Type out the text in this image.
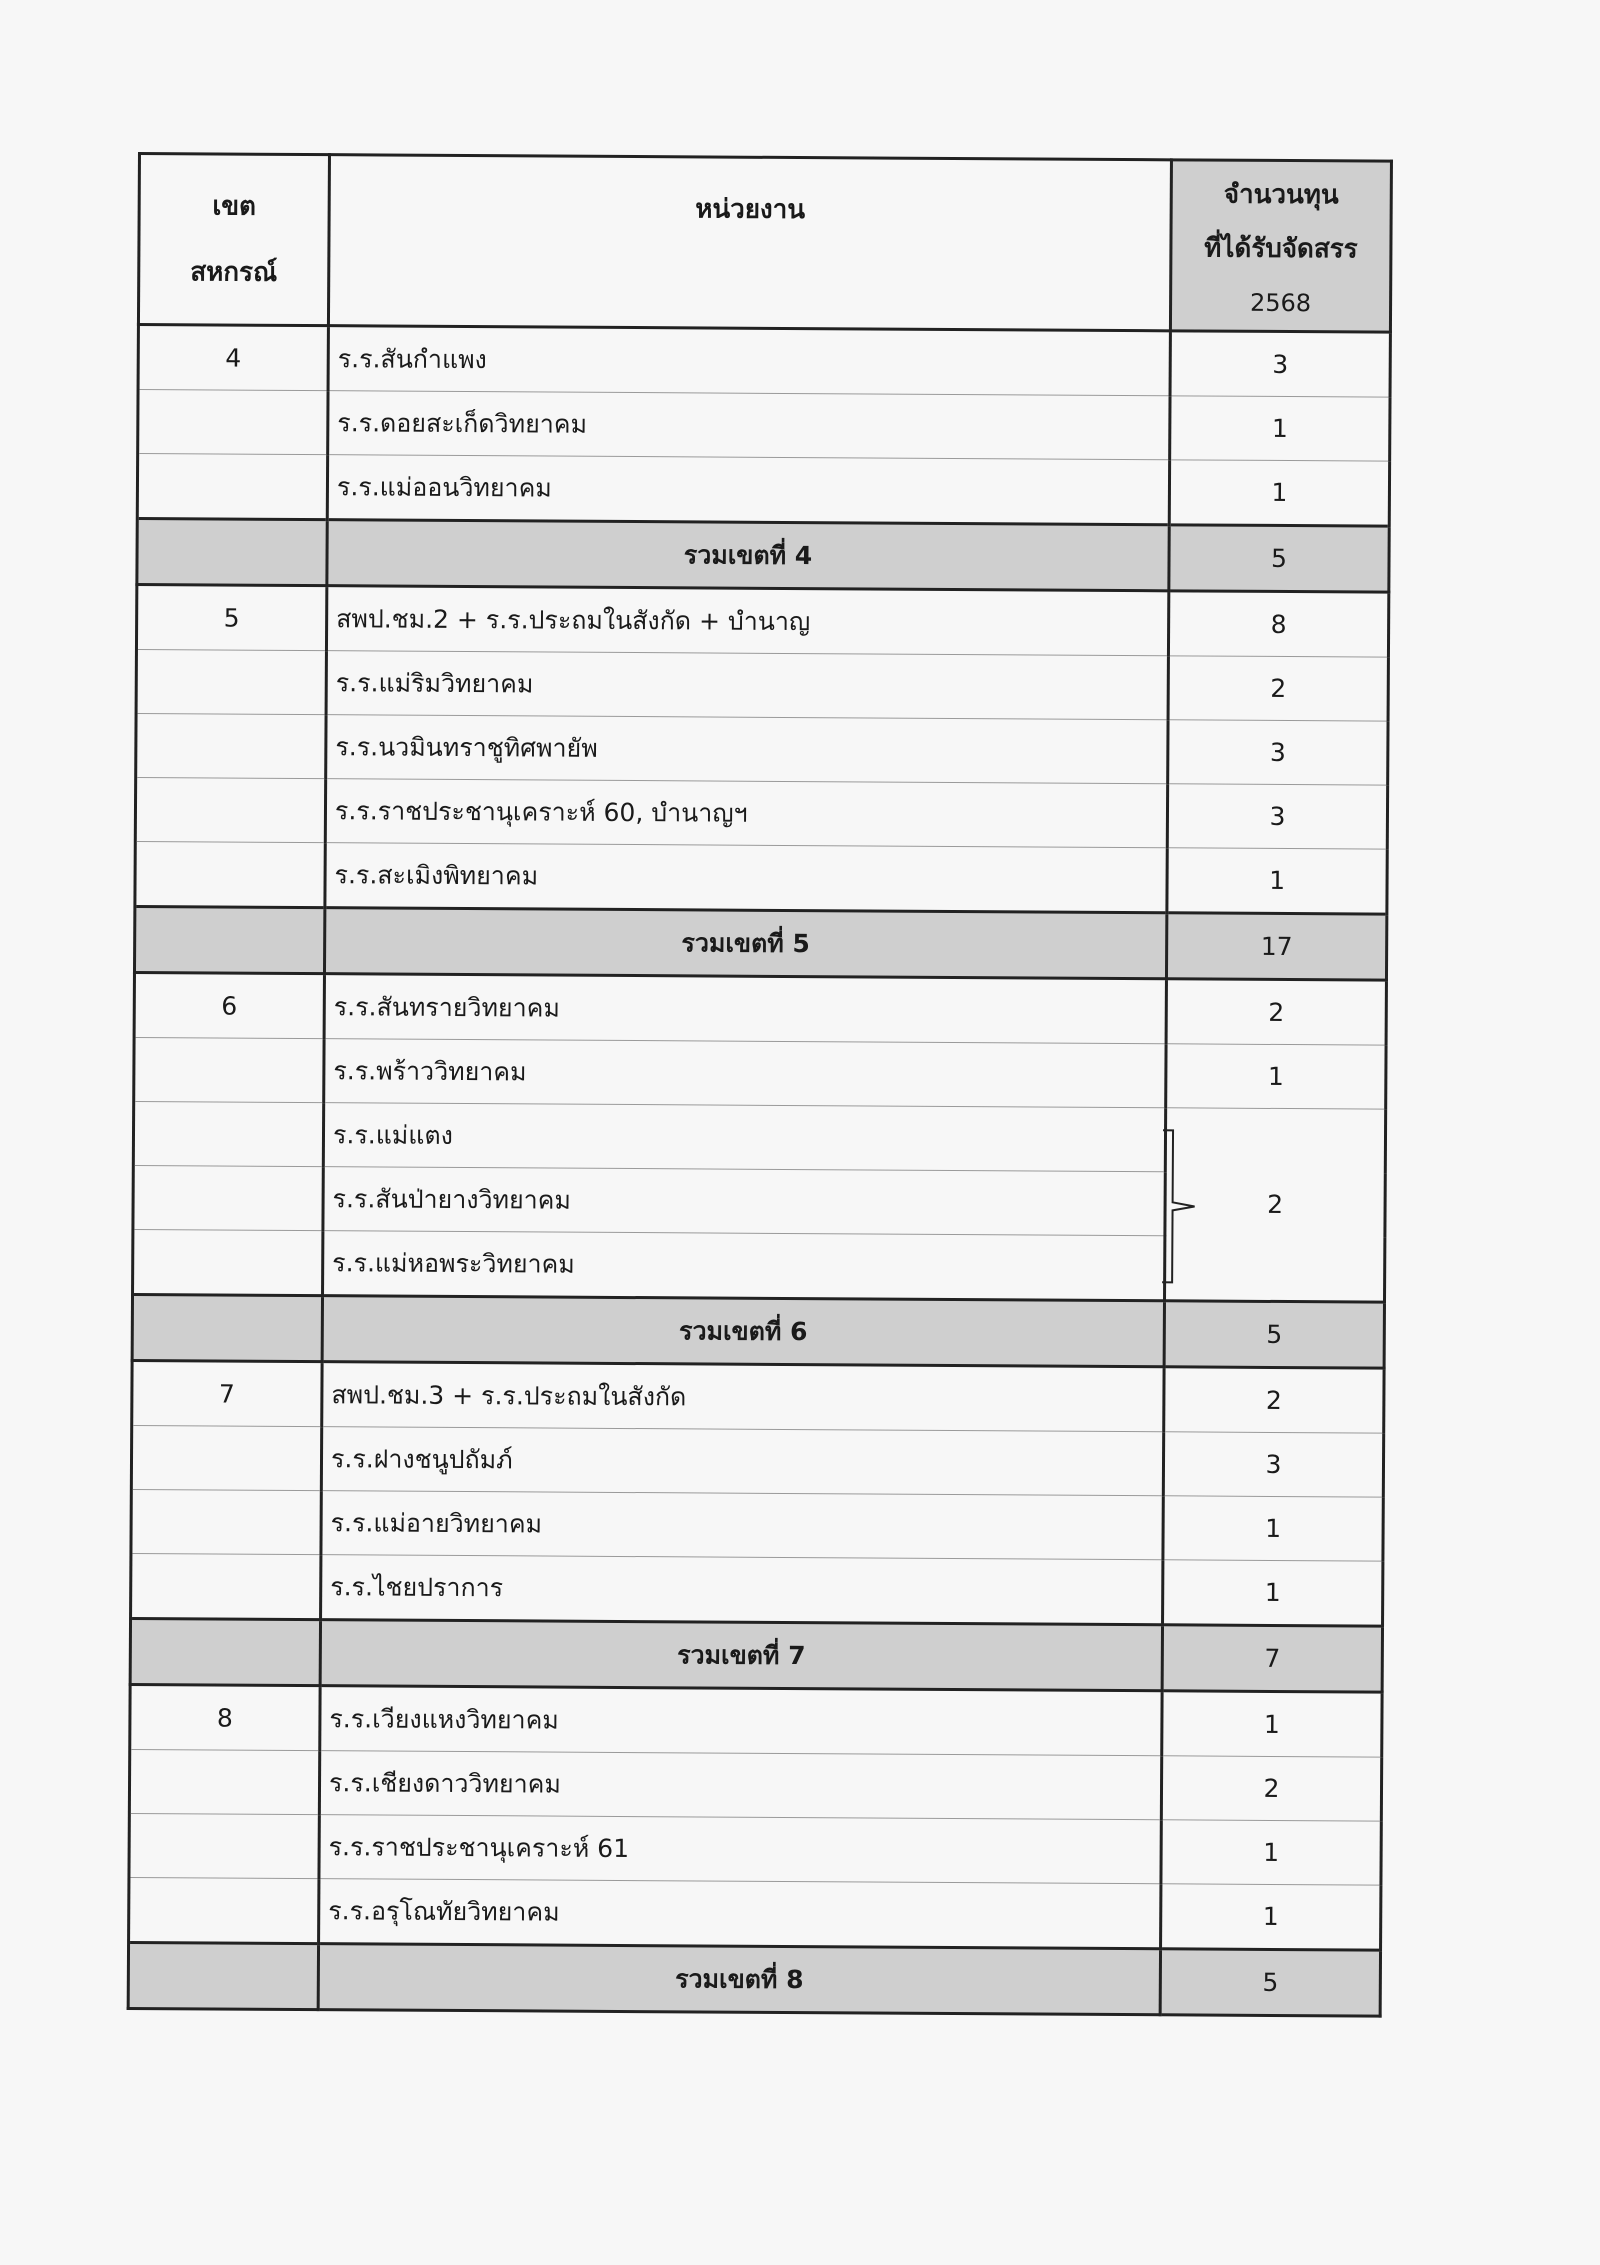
เขต
สหกรณ์	หน่วยงาน	จำนวนทุน
ที่ได้รับจัดสรร
2568

4	ร.ร.สันกำแพง	3
	ร.ร.ดอยสะเก็ดวิทยาคม	1
	ร.ร.แม่ออนวิทยาคม	1
	รวมเขตที่ 4	5
5	สพป.ชม.2 + ร.ร.ประถมในสังกัด + บำนาญ	8
	ร.ร.แม่ริมวิทยาคม	2
	ร.ร.นวมินทราชูทิศพายัพ	3
	ร.ร.ราชประชานุเคราะห์ 60, บำนาญฯ	3
	ร.ร.สะเมิงพิทยาคม	1
	รวมเขตที่ 5	17
6	ร.ร.สันทรายวิทยาคม	2
	ร.ร.พร้าววิทยาคม	1
	ร.ร.แม่แตง	2
	ร.ร.สันป่ายางวิทยาคม	
	ร.ร.แม่หอพระวิทยาคม	
	รวมเขตที่ 6	5
7	สพป.ชม.3 + ร.ร.ประถมในสังกัด	2
	ร.ร.ฝางชนูปถัมภ์	3
	ร.ร.แม่อายวิทยาคม	1
	ร.ร.ไชยปราการ	1
	รวมเขตที่ 7	7
8	ร.ร.เวียงแหงวิทยาคม	1
	ร.ร.เชียงดาววิทยาคม	2
	ร.ร.ราชประชานุเคราะห์ 61	1
	ร.ร.อรุโณทัยวิทยาคม	1
	รวมเขตที่ 8	5
